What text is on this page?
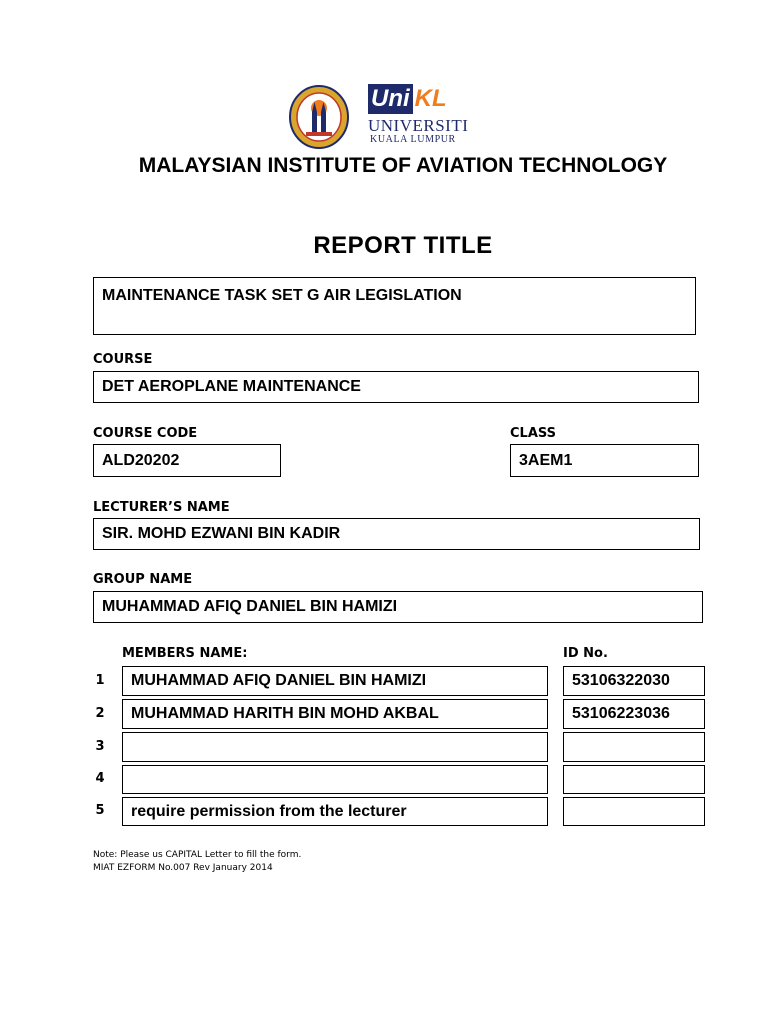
Uni KL
UNIVERSITI
KUALA LUMPUR
MALAYSIAN INSTITUTE OF AVIATION TECHNOLOGY
REPORT TITLE
MAINTENANCE TASK SET G AIR LEGISLATION
COURSE
DET AEROPLANE MAINTENANCE
COURSE CODE
ALD20202
CLASS
3AEM1
LECTURER’S NAME
SIR. MOHD EZWANI BIN KADIR
GROUP NAME
MUHAMMAD AFIQ DANIEL BIN HAMIZI
MEMBERS NAME:	ID No.
1	MUHAMMAD AFIQ DANIEL BIN HAMIZI	53106322030
2	MUHAMMAD HARITH BIN MOHD AKBAL	53106223036
3
4
5	require permission from the lecturer
Note: Please us CAPITAL Letter to fill the form.
MIAT EZFORM No.007 Rev January 2014
